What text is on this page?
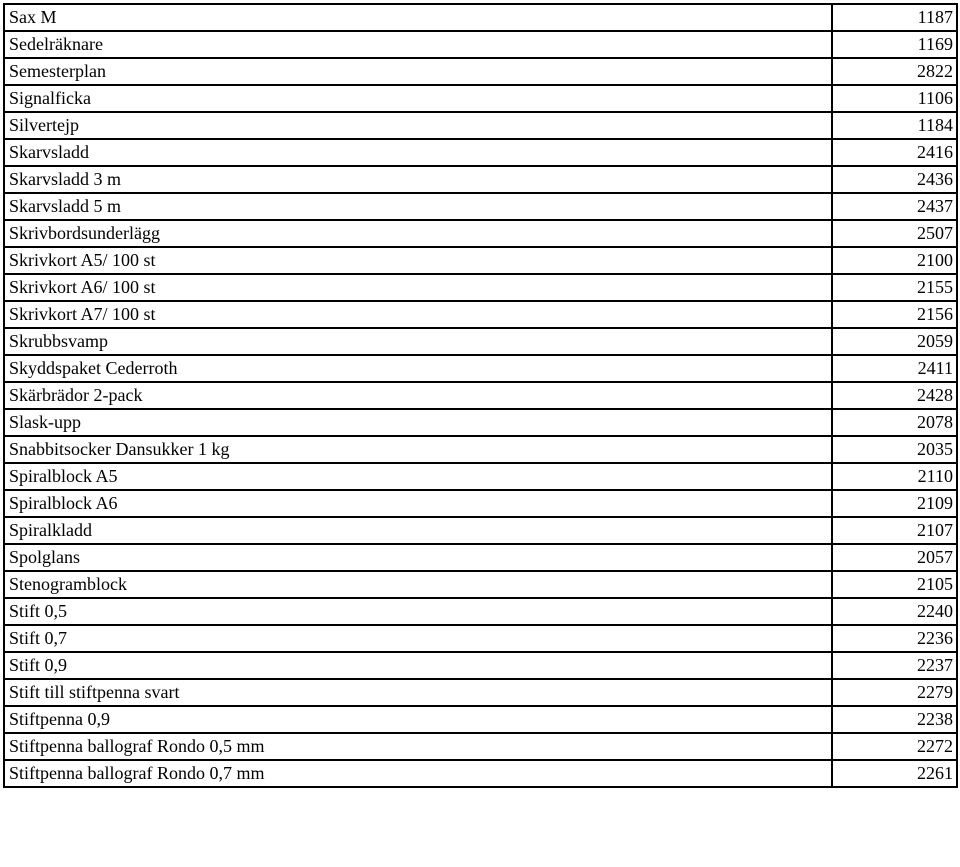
Sax M	1187
Sedelräknare	1169
Semesterplan	2822
Signalficka	1106
Silvertejp	1184
Skarvsladd	2416
Skarvsladd 3 m	2436
Skarvsladd 5 m	2437
Skrivbordsunderlägg	2507
Skrivkort A5/ 100 st	2100
Skrivkort A6/ 100 st	2155
Skrivkort A7/ 100 st	2156
Skrubbsvamp	2059
Skyddspaket Cederroth	2411
Skärbrädor 2-pack	2428
Slask-upp	2078
Snabbitsocker Dansukker 1 kg	2035
Spiralblock A5	2110
Spiralblock A6	2109
Spiralkladd	2107
Spolglans	2057
Stenogramblock	2105
Stift 0,5	2240
Stift 0,7	2236
Stift 0,9	2237
Stift till stiftpenna svart	2279
Stiftpenna 0,9	2238
Stiftpenna ballograf Rondo 0,5 mm	2272
Stiftpenna ballograf Rondo 0,7 mm	2261
